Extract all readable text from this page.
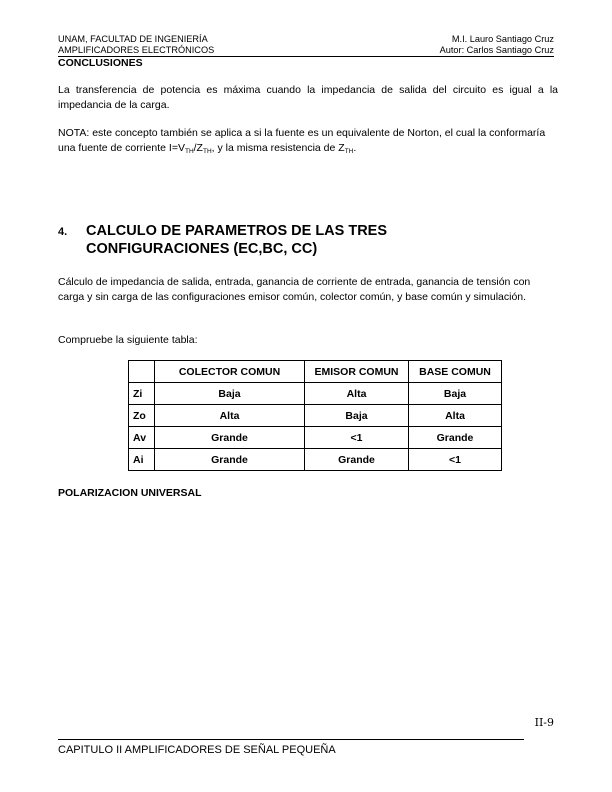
UNAM, FACULTAD DE INGENIERÍA
AMPLIFICADORES ELECTRÓNICOS
M.I. Lauro Santiago Cruz
Autor: Carlos Santiago Cruz
CONCLUSIONES
La transferencia de potencia es máxima cuando la impedancia de salida del circuito es igual a la impedancia de la carga.
NOTA: este concepto también se aplica a si la fuente es un equivalente de Norton, el cual la conformaría una fuente de corriente $I=V_{TH}/Z_{TH}$, y la misma resistencia de $Z_{TH}$.
4. CALCULO DE PARAMETROS DE LAS TRES
CONFIGURACIONES (EC,BC, CC)
Cálculo de impedancia de salida, entrada, ganancia de corriente de entrada, ganancia de tensión con carga y sin carga de las configuraciones emisor común, colector común, y base común y simulación.
Compruebe la siguiente tabla:
	COLECTOR COMUN	EMISOR COMUN	BASE COMUN
Zi	Baja	Alta	Baja
Zo	Alta	Baja	Alta
Av	Grande	<1	Grande
Ai	Grande	Grande	<1
POLARIZACION UNIVERSAL
II-9
CAPITULO II AMPLIFICADORES DE SEÑAL PEQUEÑA
